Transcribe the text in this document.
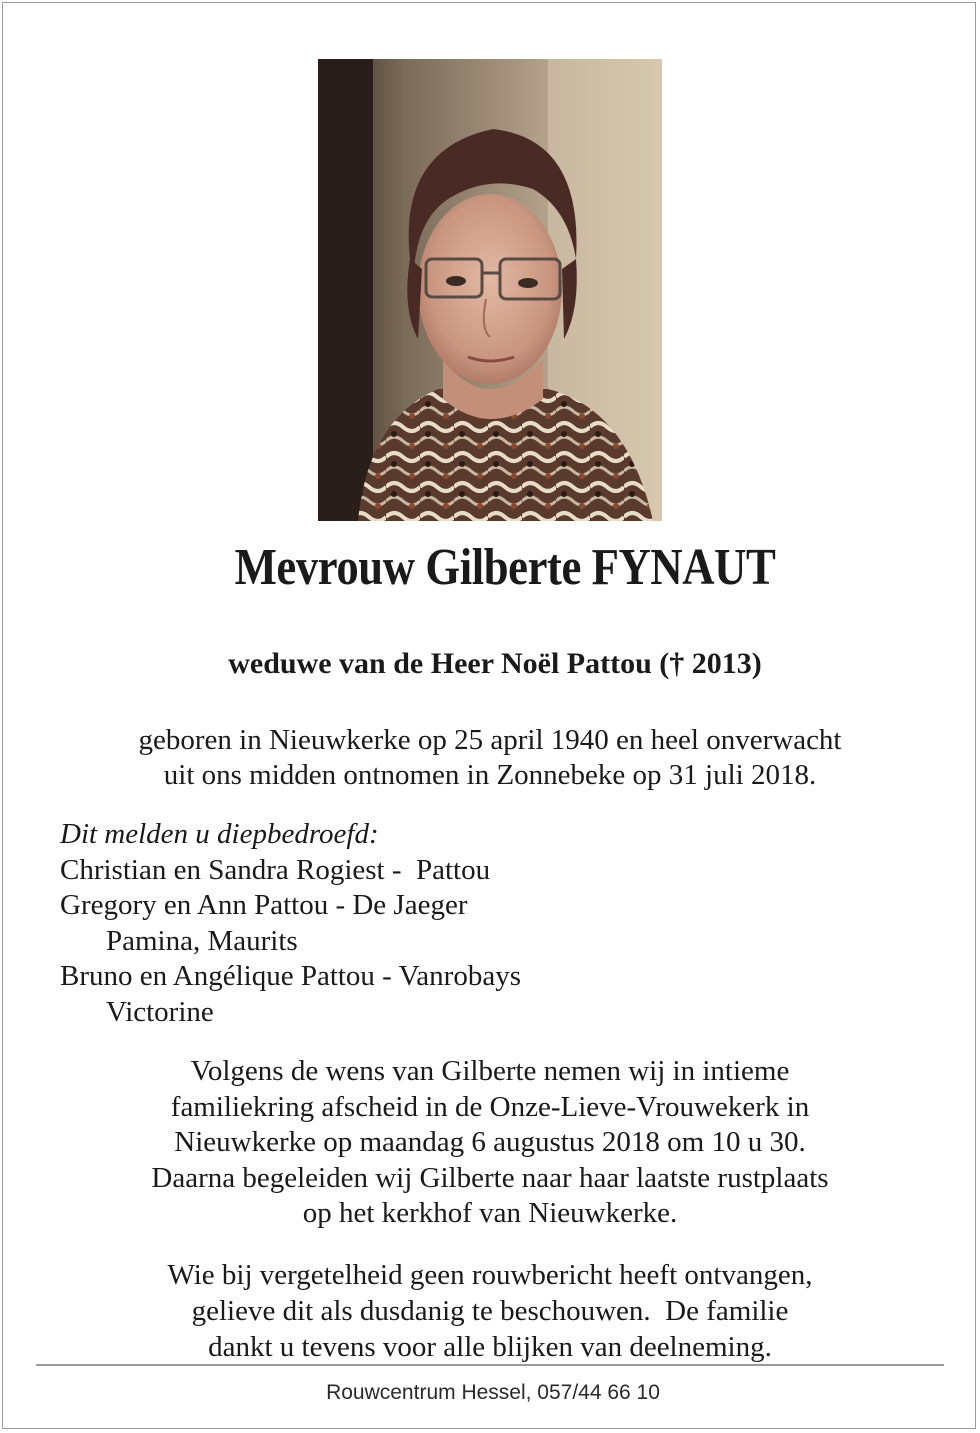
Mevrouw Gilberte FYNAUT
weduwe van de Heer Noël Pattou († 2013)
geboren in Nieuwkerke op 25 april 1940 en heel onverwacht
uit ons midden ontnomen in Zonnebeke op 31 juli 2018.
Dit melden u diepbedroefd:
Christian en Sandra Rogiest -  Pattou
Gregory en Ann Pattou - De Jaeger
Pamina, Maurits
Bruno en Angélique Pattou - Vanrobays
Victorine
Volgens de wens van Gilberte nemen wij in intieme
familiekring afscheid in de Onze-Lieve-Vrouwekerk in
Nieuwkerke op maandag 6 augustus 2018 om 10 u 30.
Daarna begeleiden wij Gilberte naar haar laatste rustplaats
op het kerkhof van Nieuwkerke.
Wie bij vergetelheid geen rouwbericht heeft ontvangen,
gelieve dit als dusdanig te beschouwen.  De familie
dankt u tevens voor alle blijken van deelneming.
Rouwcentrum Hessel, 057/44 66 10
